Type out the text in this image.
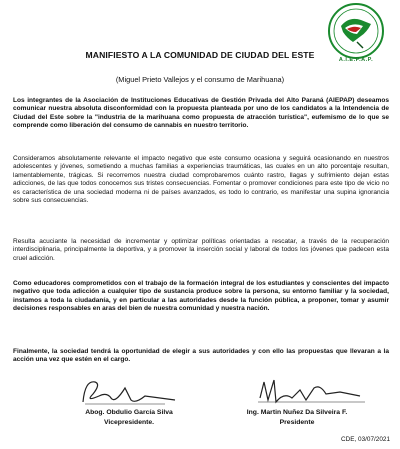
A.I.E.P.A.P.
MANIFIESTO A LA COMUNIDAD DE CIUDAD DEL ESTE
(Miguel Prieto Vallejos y el consumo de Marihuana)

Los integrantes de la Asociación de Instituciones Educativas de Gestión Privada del Alto Paraná (AIEPAP) deseamos comunicar nuestra absoluta disconformidad con la propuesta planteada por uno de los candidatos a la Intendencia de Ciudad del Este sobre la "industria de la marihuana como propuesta de atracción turística", eufemismo de lo que se comprende como liberación del consumo de cannabis en nuestro territorio.

Consideramos absolutamente relevante el impacto negativo que este consumo ocasiona y seguirá ocasionando en nuestros adolescentes y jóvenes, sometiendo a muchas familias a experiencias traumáticas, las cuales en un alto porcentaje resultan, lamentablemente, trágicas. Si recorremos nuestra ciudad comprobaremos cuánto rastro, llagas y sufrimiento dejan estas adicciones, de las que todos conocemos sus tristes consecuencias. Fomentar o promover condiciones para este tipo de vicio no es característica de una sociedad moderna ni de países avanzados, es todo lo contrario, es manifestar una supina ignorancia sobre sus consecuencias.

Resulta acuciante la necesidad de incrementar y optimizar políticas orientadas a rescatar, a través de la recuperación interdisciplinaria, principalmente la deportiva, y a promover la inserción social y laboral de todos los jóvenes que padecen esta cruel adicción.

Como educadores comprometidos con el trabajo de la formación integral de los estudiantes y conscientes del impacto negativo que toda adicción a cualquier tipo de sustancia produce sobre la persona, su entorno familiar y la sociedad, instamos a toda la ciudadanía, y en particular a las autoridades desde la función pública, a proponer, tomar y asumir decisiones responsables en aras del bien de nuestra comunidad y nuestra nación.

Finalmente, la sociedad tendrá la oportunidad de elegir a sus autoridades y con ello las propuestas que llevaran a la acción una vez que estén en el cargo.

Abog. Obdulio García Silva
Vicepresidente.
Ing. Martin Nuñez Da Silveira F.
Presidente
CDE, 03/07/2021
